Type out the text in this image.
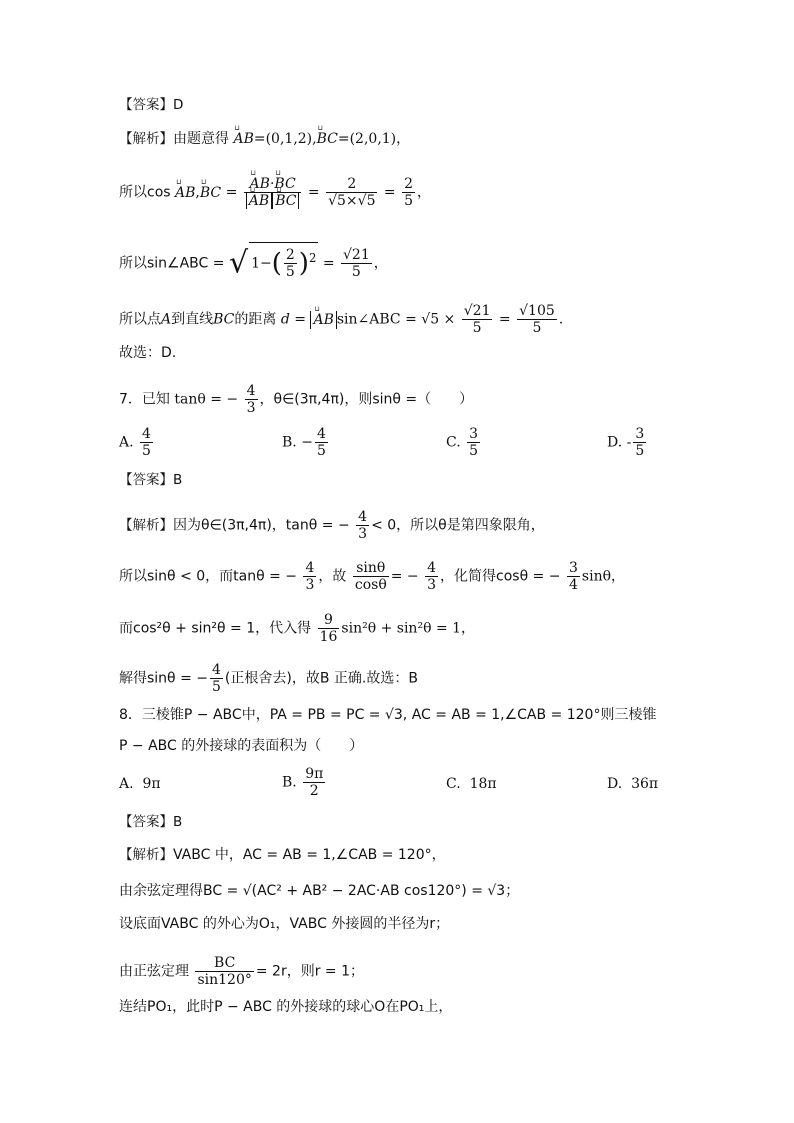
【答案】D
【解析】由题意得 └┘ AB=(0,1,2),└┘ BC=(2,0,1)，
所以cos └┘ AB,└┘ BC = └┘ AB·└┘ BC
└┘ AB └┘ BC = $\frac{2}{√5\times√5} = \frac{2}{5}$ ，
所以sin∠ABC = √ $1-( \frac{2}{5} )^2 = \frac{√21}{5}$ ，
所以点A到直线BC的距离 d = └┘ AB sin∠ABC = $√5 \times \frac{√21}{5} = \frac{√105}{5}$ .
故选：D.
7．已知 tanθ = − $\frac{4}{3}$ ，θ∈(3π,4π)，则sinθ =（　　）
A. $\frac{4}{5}$	B. − $\frac{4}{5}$	C. $\frac{3}{5}$	D. - $\frac{3}{5}$
【答案】B
【解析】因为θ∈(3π,4π)，tanθ = − $\frac{4}{3} < 0$，所以θ是第四象限角，
所以sinθ < 0，而tanθ = − $\frac{4}{3}$ ，故 $\frac{\sin\theta}{\cos\theta}$ = − $\frac{4}{3}$ ，化简得cosθ = − $\frac{3}{4}$ sinθ，
而cos²θ + sin²θ = 1，代入得 $\frac{9}{16} \sin^2\theta + \sin^2\theta = 1$，
解得sinθ = − $\frac{4}{5}$ (正根舍去)，故B 正确.故选：B
8．三棱锥P − ABC中，PA = PB = PC = √3, AC = AB = 1,∠CAB = 120°则三棱锥
P − ABC 的外接球的表面积为（　　）
A. 9π	B. $\frac{9\pi}{2}$	C. 18π	D. 36π
【答案】B
【解析】VABC 中，AC = AB = 1,∠CAB = 120°，
由余弦定理得BC = √(AC² + AB² − 2AC·AB cos120°) = √3；
设底面VABC 的外心为O₁，VABC 外接圆的半径为r；
由正弦定理 $\frac{BC}{\sin 120^\circ} = 2r$，则r = 1；
连结PO₁，此时P − ABC 的外接球的球心O在PO₁上，
